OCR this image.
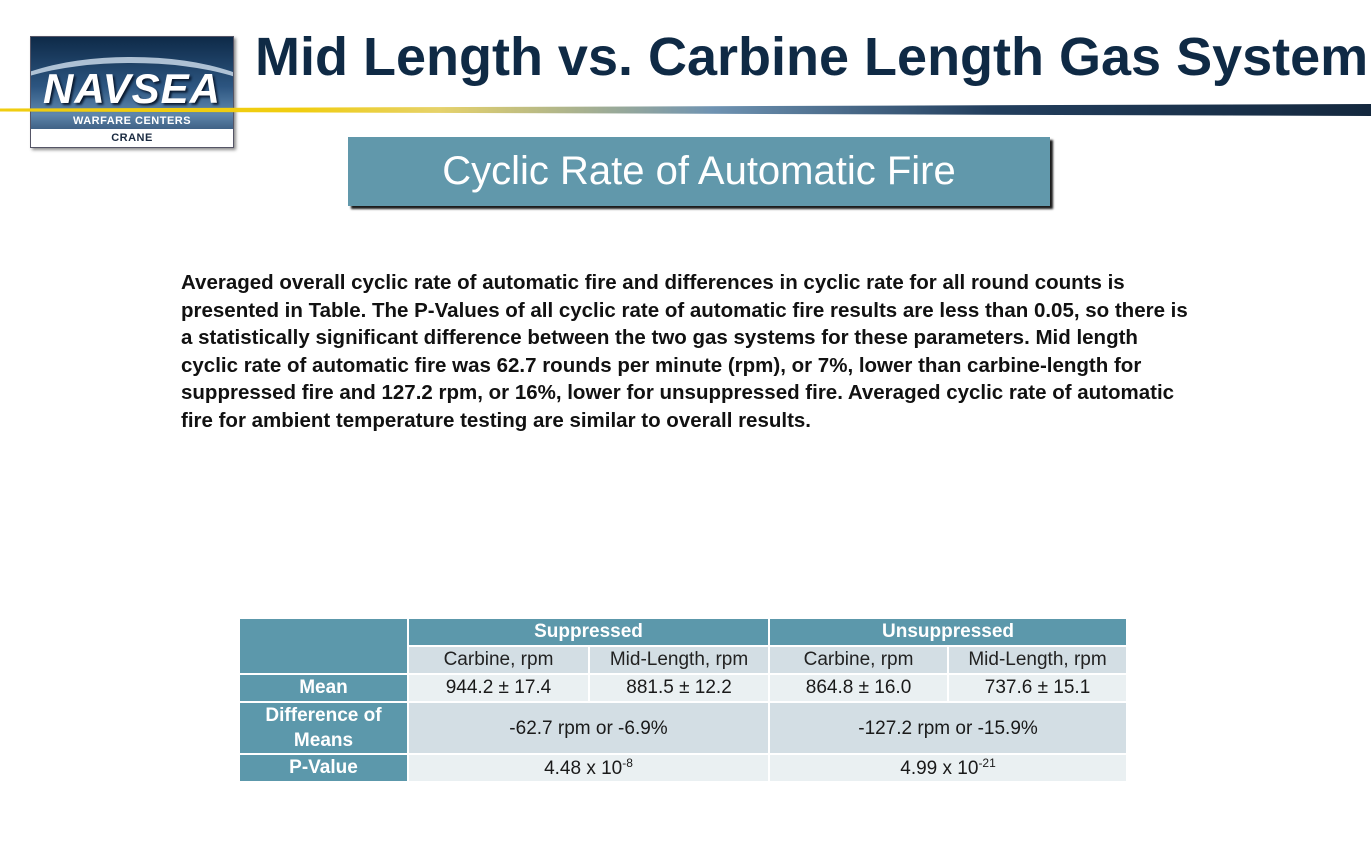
NAVSEA
WARFARE CENTERS
CRANE
Mid Length vs. Carbine Length Gas System
Cyclic Rate of Automatic Fire

Averaged overall cyclic rate of automatic fire and differences in cyclic rate for all round counts is presented in Table. The P-Values of all cyclic rate of automatic fire results are less than 0.05, so there is a statistically significant difference between the two gas systems for these parameters. Mid length cyclic rate of automatic fire was 62.7 rounds per minute (rpm), or 7%, lower than carbine-length for suppressed fire and 127.2 rpm, or 16%, lower for unsuppressed fire. Averaged cyclic rate of automatic fire for ambient temperature testing are similar to overall results.

	Suppressed		Unsuppressed	
	Carbine, rpm	Mid-Length, rpm	Carbine, rpm	Mid-Length, rpm
Mean	944.2 ± 17.4	881.5 ± 12.2	864.8 ± 16.0	737.6 ± 15.1
Difference of Means	-62.7 rpm or -6.9%		-127.2 rpm or -15.9%	
P-Value	4.48 x $10^{-8}$		4.99 x $10^{-21}$
